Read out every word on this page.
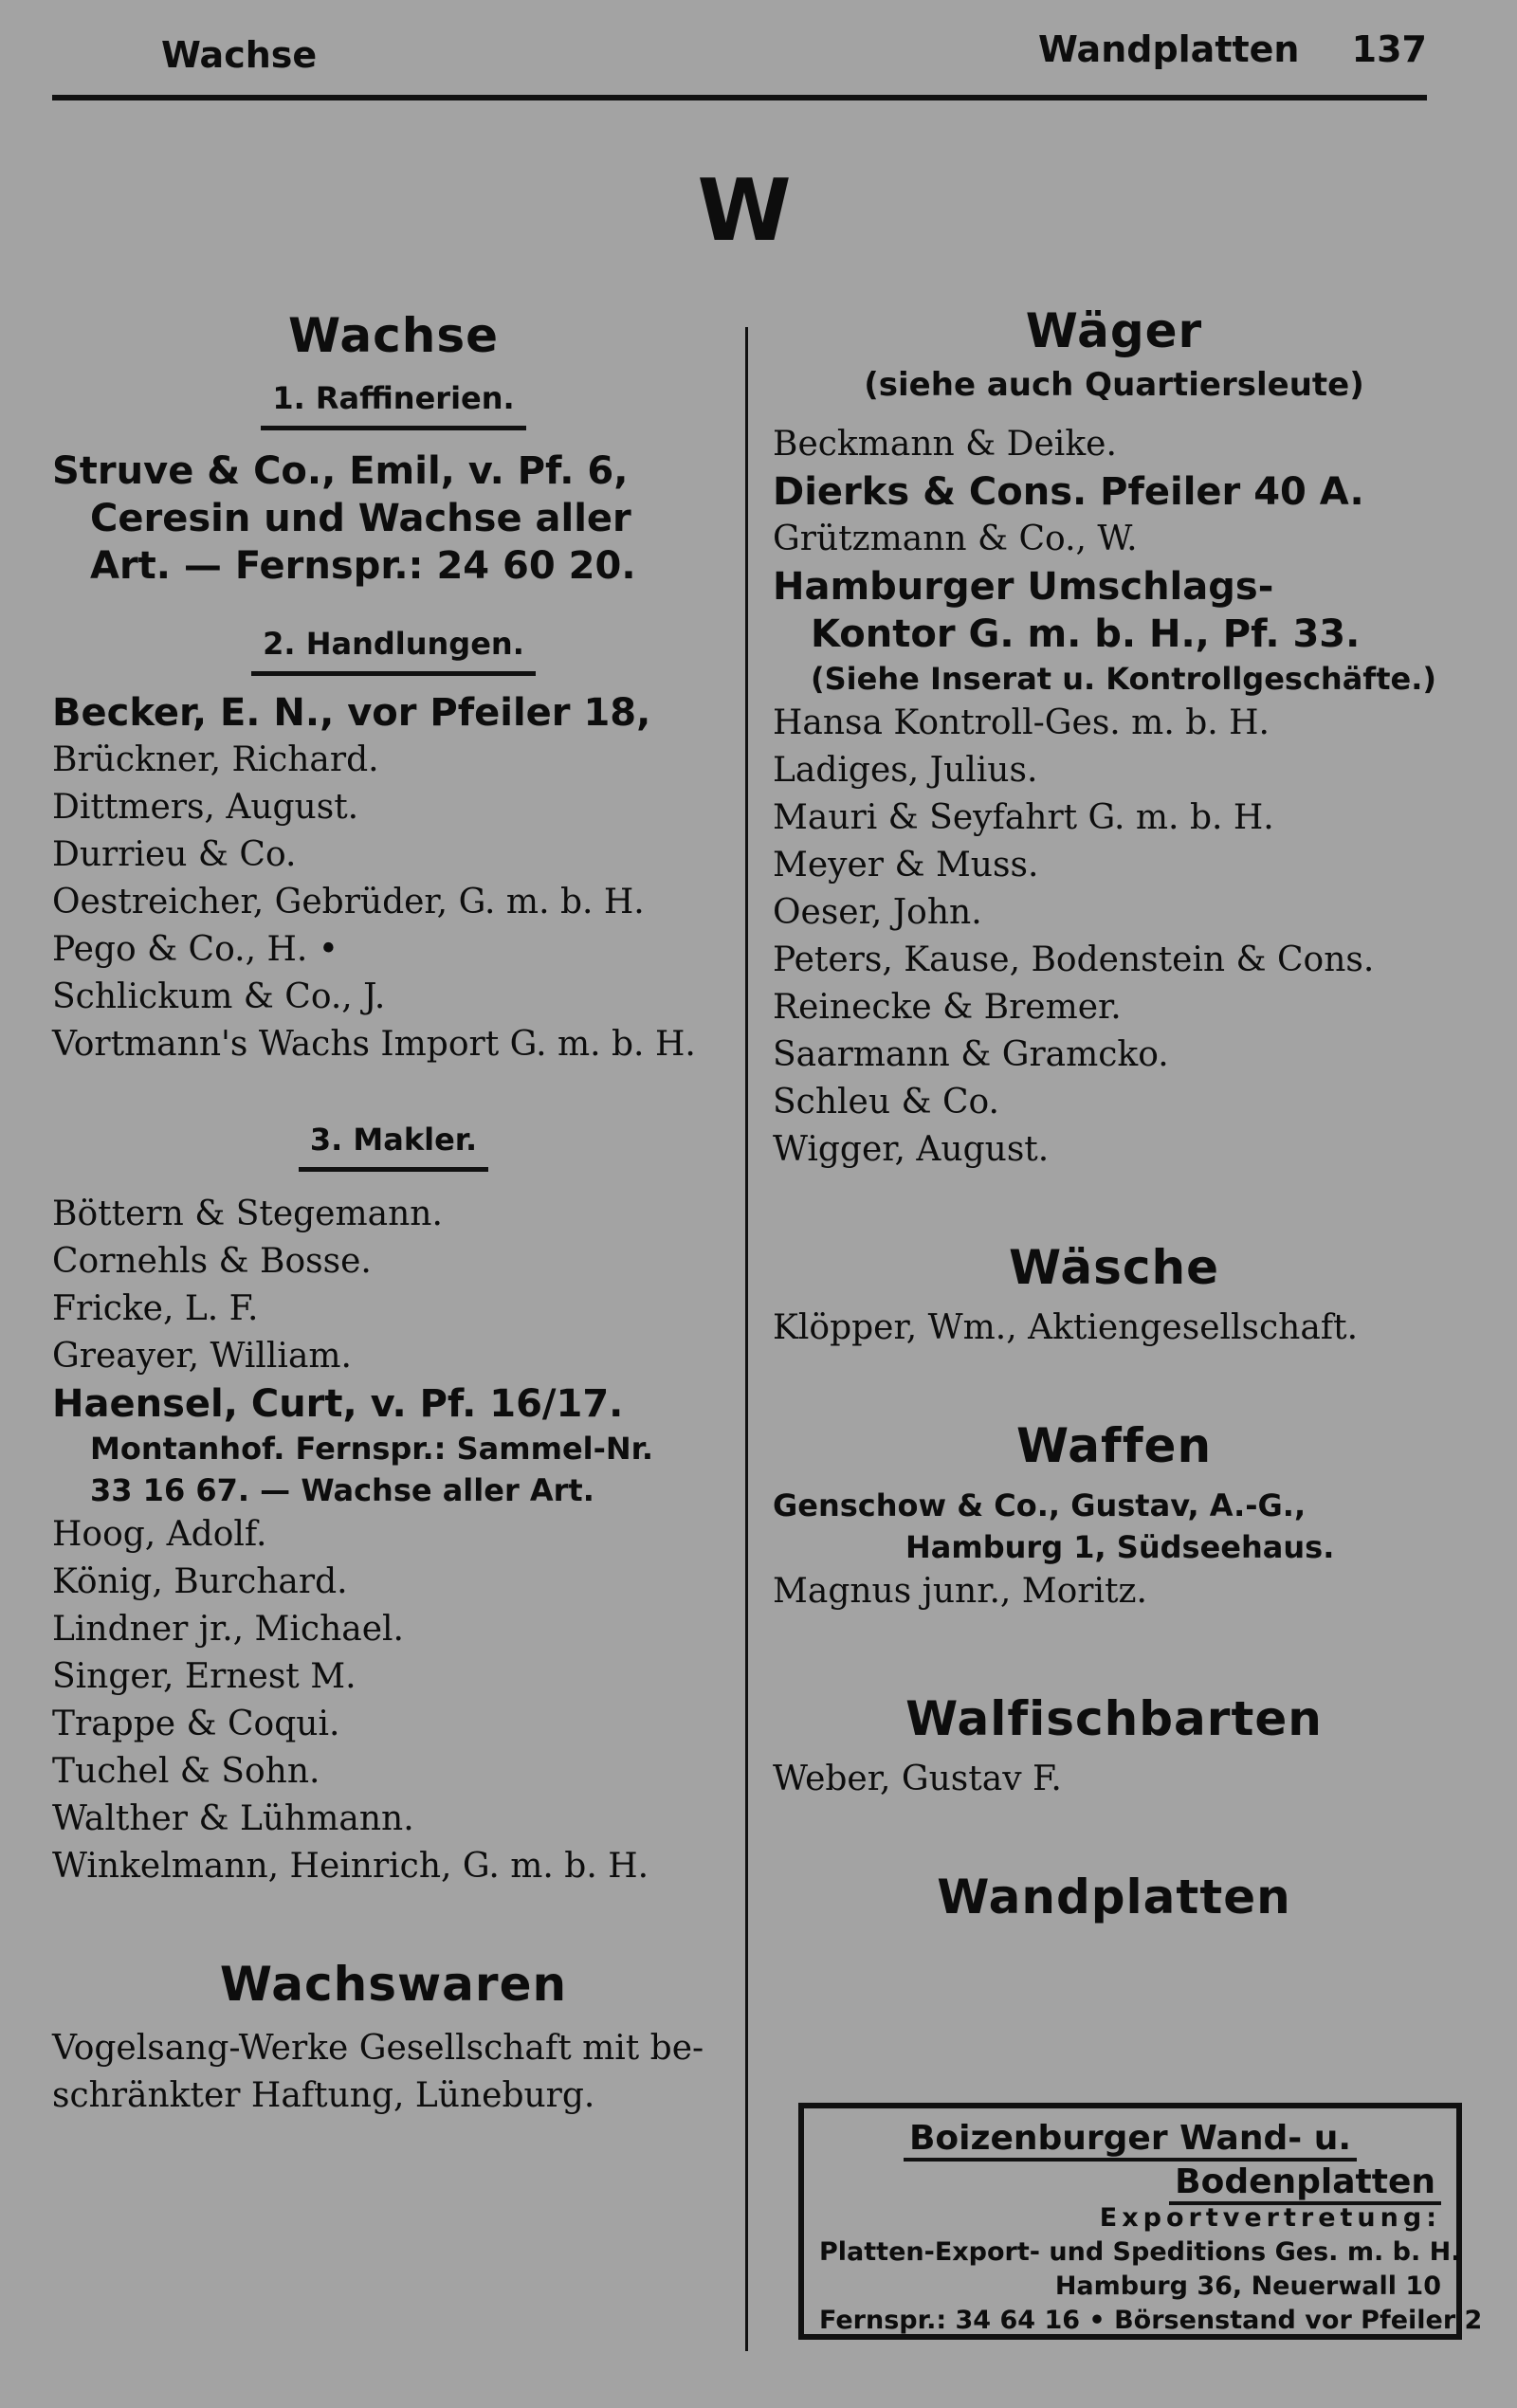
Wachse	Wandplatten 137
W
Wachse
1. Raffinerien.
Struve & Co., Emil, v. Pf. 6,
Ceresin und Wachse aller
Art. — Fernspr.: 24 60 20.
2. Handlungen.
Becker, E. N., vor Pfeiler 18,
Brückner, Richard.
Dittmers, August.
Durrieu & Co.
Oestreicher, Gebrüder, G. m. b. H.
Pego & Co., H. •
Schlickum & Co., J.
Vortmann's Wachs Import G. m. b. H.
3. Makler.
Böttern & Stegemann.
Cornehls & Bosse.
Fricke, L. F.
Greayer, William.
Haensel, Curt, v. Pf. 16/17.
Montanhof. Fernspr.: Sammel-Nr.
33 16 67. — Wachse aller Art.
Hoog, Adolf.
König, Burchard.
Lindner jr., Michael.
Singer, Ernest M.
Trappe & Coqui.
Tuchel & Sohn.
Walther & Lühmann.
Winkelmann, Heinrich, G. m. b. H.
Wachswaren
Vogelsang-Werke Gesellschaft mit be-
schränkter Haftung, Lüneburg.
Wäger
(siehe auch Quartiersleute)
Beckmann & Deike.
Dierks & Cons. Pfeiler 40 A.
Grützmann & Co., W.
Hamburger Umschlags-
Kontor G. m. b. H., Pf. 33.
(Siehe Inserat u. Kontrollgeschäfte.)
Hansa Kontroll-Ges. m. b. H.
Ladiges, Julius.
Mauri & Seyfahrt G. m. b. H.
Meyer & Muss.
Oeser, John.
Peters, Kause, Bodenstein & Cons.
Reinecke & Bremer.
Saarmann & Gramcko.
Schleu & Co.
Wigger, August.
Wäsche
Klöpper, Wm., Aktiengesellschaft.
Waffen
Genschow & Co., Gustav, A.-G.,
Hamburg 1, Südseehaus.
Magnus junr., Moritz.
Walfischbarten
Weber, Gustav F.
Wandplatten
Boizenburger Wand- u.
Bodenplatten
Exportvertretung:
Platten-Export- und Speditions Ges. m. b. H.
Hamburg 36, Neuerwall 10
Fernspr.: 34 64 16 • Börsenstand vor Pfeiler 2
